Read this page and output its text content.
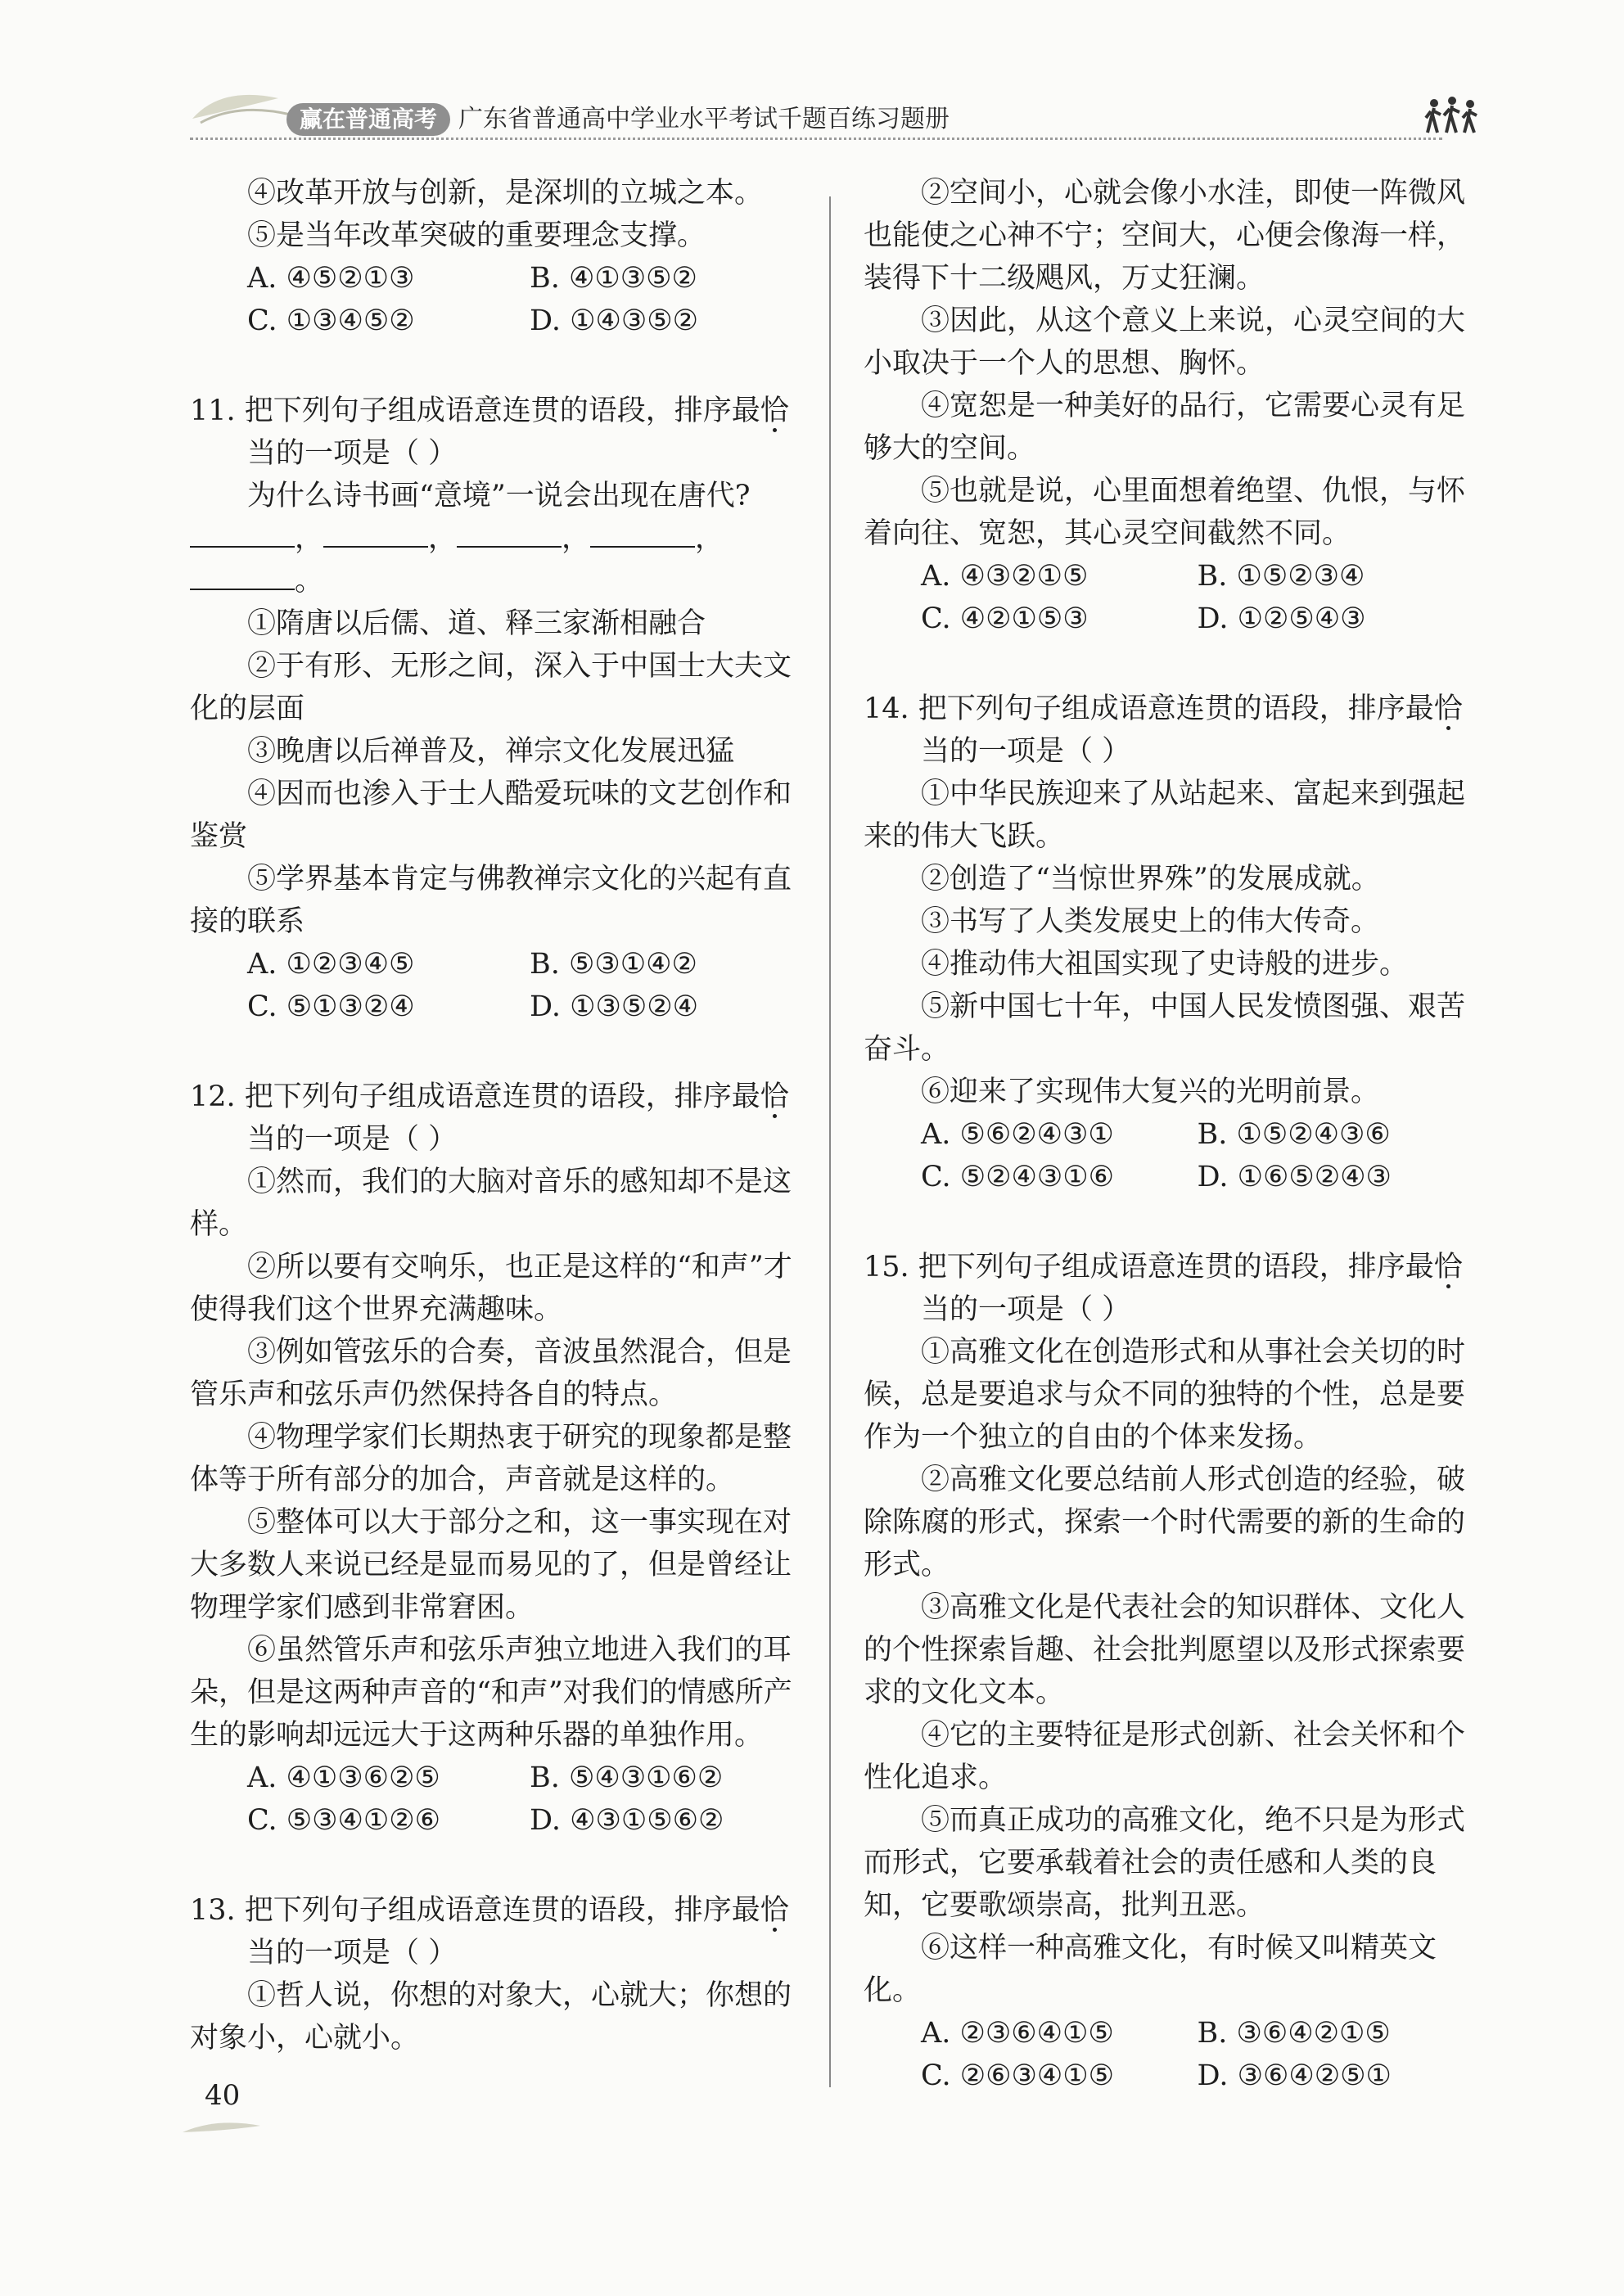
赢在普通高考 广东省普通高中学业水平考试千题百练习题册

④改革开放与创新，是深圳的立城之本。

⑤是当年改革突破的重要理念支撑。

A. ④⑤②①③	B. ④①③⑤②
C. ①③④⑤②	D. ①④③⑤②

11. 把下列句子组成语意连贯的语段，排序最恰
当的一项是（ ）

为什么诗书画“意境”一说会出现在唐代?

，	，	，	，
。

①隋唐以后儒、道、释三家渐相融合

②于有形、无形之间，深入于中国士大夫文化的层面

③晚唐以后禅普及，禅宗文化发展迅猛

④因而也渗入于士人酷爱玩味的文艺创作和鉴赏

⑤学界基本肯定与佛教禅宗文化的兴起有直接的联系

A. ①②③④⑤	B. ⑤③①④②
C. ⑤①③②④	D. ①③⑤②④

12. 把下列句子组成语意连贯的语段，排序最恰
当的一项是（ ）

①然而，我们的大脑对音乐的感知却不是这样。

②所以要有交响乐，也正是这样的“和声”才使得我们这个世界充满趣味。

③例如管弦乐的合奏，音波虽然混合，但是管乐声和弦乐声仍然保持各自的特点。

④物理学家们长期热衷于研究的现象都是整体等于所有部分的加合，声音就是这样的。

⑤整体可以大于部分之和，这一事实现在对大多数人来说已经是显而易见的了，但是曾经让物理学家们感到非常窘困。

⑥虽然管乐声和弦乐声独立地进入我们的耳朵，但是这两种声音的“和声”对我们的情感所产生的影响却远远大于这两种乐器的单独作用。

A. ④①③⑥②⑤	B. ⑤④③①⑥②
C. ⑤③④①②⑥	D. ④③①⑤⑥②

13. 把下列句子组成语意连贯的语段，排序最恰
当的一项是（ ）

①哲人说，你想的对象大，心就大；你想的对象小，心就小。

②空间小，心就会像小水洼，即使一阵微风也能使之心神不宁；空间大，心便会像海一样，装得下十二级飓风，万丈狂澜。

③因此，从这个意义上来说，心灵空间的大小取决于一个人的思想、胸怀。

④宽恕是一种美好的品行，它需要心灵有足够大的空间。

⑤也就是说，心里面想着绝望、仇恨，与怀着向往、宽恕，其心灵空间截然不同。

A. ④③②①⑤	B. ①⑤②③④
C. ④②①⑤③	D. ①②⑤④③

14. 把下列句子组成语意连贯的语段，排序最恰
当的一项是（ ）

①中华民族迎来了从站起来、富起来到强起来的伟大飞跃。

②创造了“当惊世界殊”的发展成就。

③书写了人类发展史上的伟大传奇。

④推动伟大祖国实现了史诗般的进步。

⑤新中国七十年，中国人民发愤图强、艰苦奋斗。

⑥迎来了实现伟大复兴的光明前景。

A. ⑤⑥②④③①	B. ①⑤②④③⑥
C. ⑤②④③①⑥	D. ①⑥⑤②④③

15. 把下列句子组成语意连贯的语段，排序最恰
当的一项是（ ）

①高雅文化在创造形式和从事社会关切的时候，总是要追求与众不同的独特的个性，总是要作为一个独立的自由的个体来发扬。

②高雅文化要总结前人形式创造的经验，破除陈腐的形式，探索一个时代需要的新的生命的形式。

③高雅文化是代表社会的知识群体、文化人的个性探索旨趣、社会批判愿望以及形式探索要求的文化文本。

④它的主要特征是形式创新、社会关怀和个性化追求。

⑤而真正成功的高雅文化，绝不只是为形式而形式，它要承载着社会的责任感和人类的良知，它要歌颂崇高，批判丑恶。

⑥这样一种高雅文化，有时候又叫精英文化。

A. ②③⑥④①⑤	B. ③⑥④②①⑤
C. ②⑥③④①⑤	D. ③⑥④②⑤①
40
